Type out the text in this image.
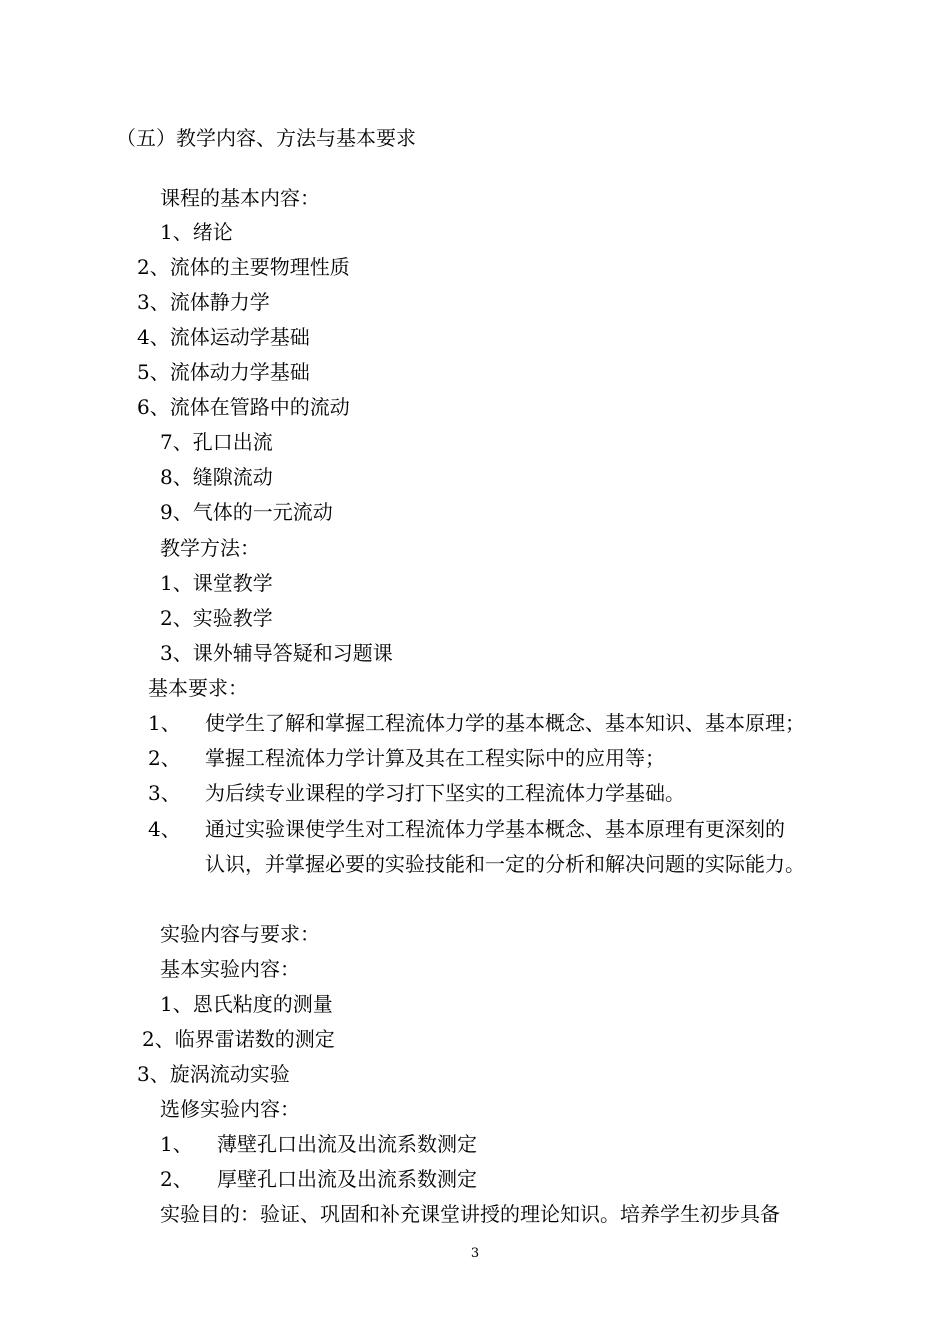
（五）教学内容、方法与基本要求
课程的基本内容：
1、绪论
2、流体的主要物理性质
3、流体静力学
4、流体运动学基础
5、流体动力学基础
6、流体在管路中的流动
7、孔口出流
8、缝隙流动
9、气体的一元流动
教学方法：
1、课堂教学
2、实验教学
3、课外辅导答疑和习题课
基本要求：
1、 使学生了解和掌握工程流体力学的基本概念、基本知识、基本原理；
2、 掌握工程流体力学计算及其在工程实际中的应用等；
3、 为后续专业课程的学习打下坚实的工程流体力学基础。
4、 通过实验课使学生对工程流体力学基本概念、基本原理有更深刻的
认识，并掌握必要的实验技能和一定的分析和解决问题的实际能力。
实验内容与要求：
基本实验内容：
1、恩氏粘度的测量
2、临界雷诺数的测定
3、旋涡流动实验
选修实验内容：
1、 薄壁孔口出流及出流系数测定
2、 厚壁孔口出流及出流系数测定
实验目的：验证、巩固和补充课堂讲授的理论知识。培养学生初步具备
3
